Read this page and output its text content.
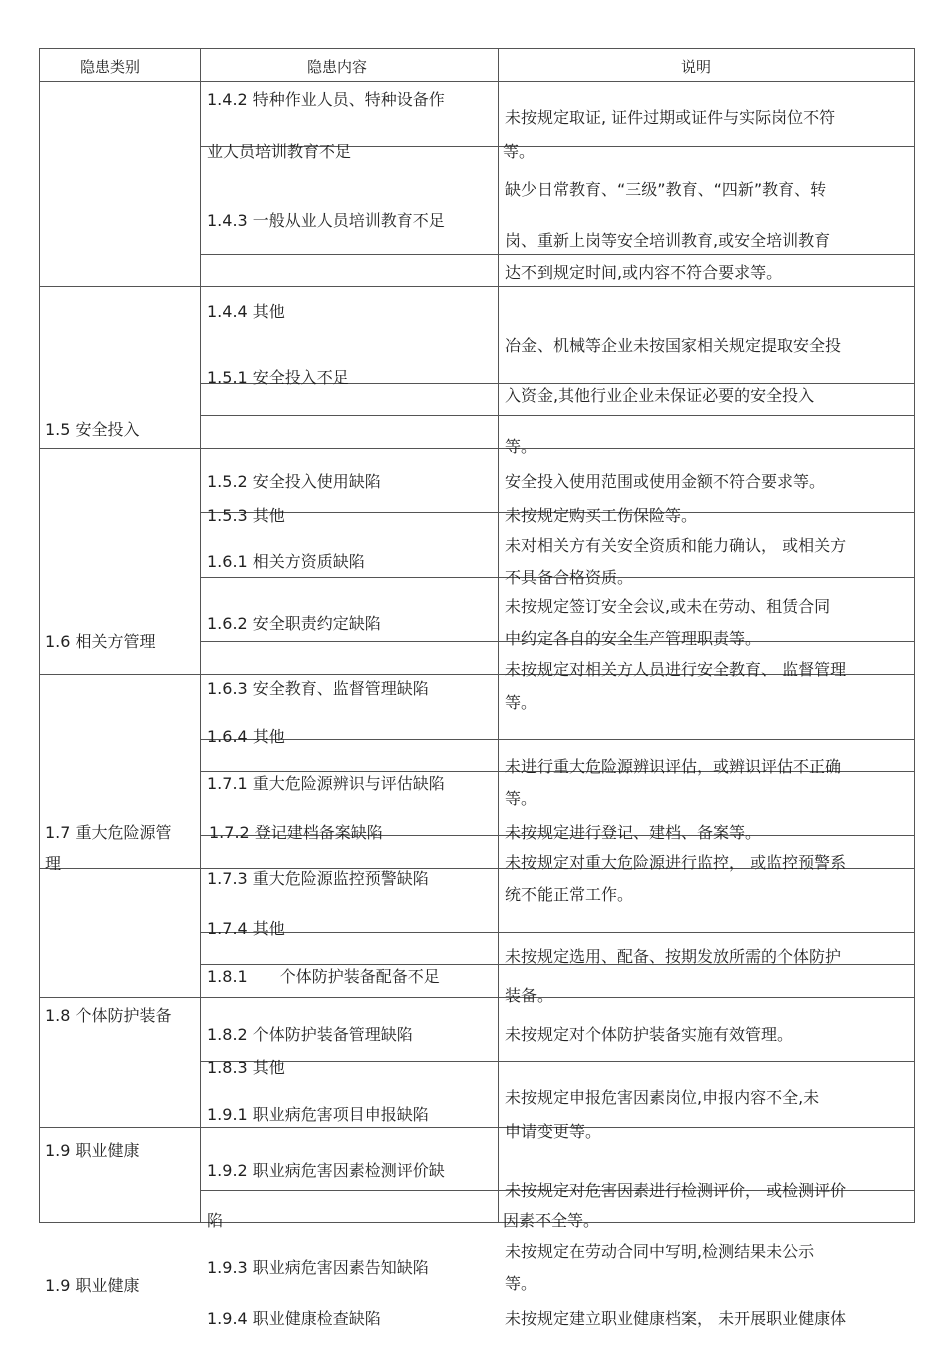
隐患类别	隐患内容	说明
1.5 安全投入
1.6 相关方管理
1.7 重大危险源管
理
1.8 个体防护装备
1.9 职业健康
1.9 职业健康
1.4.2 特种作业人员、特种设备作
业人员培训教育不足
1.4.3 一般从业人员培训教育不足
1.4.4 其他
1.5.1 安全投入不足
1.5.2 安全投入使用缺陷
1.5.3 其他
1.6.1 相关方资质缺陷
1.6.2 安全职责约定缺陷
1.6.3 安全教育、监督管理缺陷
1.6.4 其他
1.7.1 重大危险源辨识与评估缺陷
1.7.2 登记建档备案缺陷
1.7.3 重大危险源监控预警缺陷
1.7.4 其他
1.8.1　　个体防护装备配备不足
1.8.2 个体防护装备管理缺陷
1.8.3 其他
1.9.1 职业病危害项目申报缺陷
1.9.2 职业病危害因素检测评价缺
陷
1.9.3 职业病危害因素告知缺陷
1.9.4 职业健康检查缺陷
未按规定取证, 证件过期或证件与实际岗位不符
等。
缺少日常教育、“三级”教育、“四新”教育、转
岗、重新上岗等安全培训教育,或安全培训教育
达不到规定时间,或内容不符合要求等。
冶金、机械等企业未按国家相关规定提取安全投
入资金,其他行业企业未保证必要的安全投入
等。
安全投入使用范围或使用金额不符合要求等。
未按规定购买工伤保险等。
未对相关方有关安全资质和能力确认， 或相关方
不具备合格资质。
未按规定签订安全会议,或未在劳动、租赁合同
中约定各自的安全生产管理职责等。
未按规定对相关方人员进行安全教育、 监督管理
等。
未进行重大危险源辨识评估，或辨识评估不正确
等。
未按规定进行登记、建档、备案等。
未按规定对重大危险源进行监控， 或监控预警系
统不能正常工作。
未按规定选用、配备、按期发放所需的个体防护
装备。
未按规定对个体防护装备实施有效管理。
未按规定申报危害因素岗位,申报内容不全,未
申请变更等。
未按规定对危害因素进行检测评价， 或检测评价
因素不全等。
未按规定在劳动合同中写明,检测结果未公示
等。
未按规定建立职业健康档案， 未开展职业健康体
